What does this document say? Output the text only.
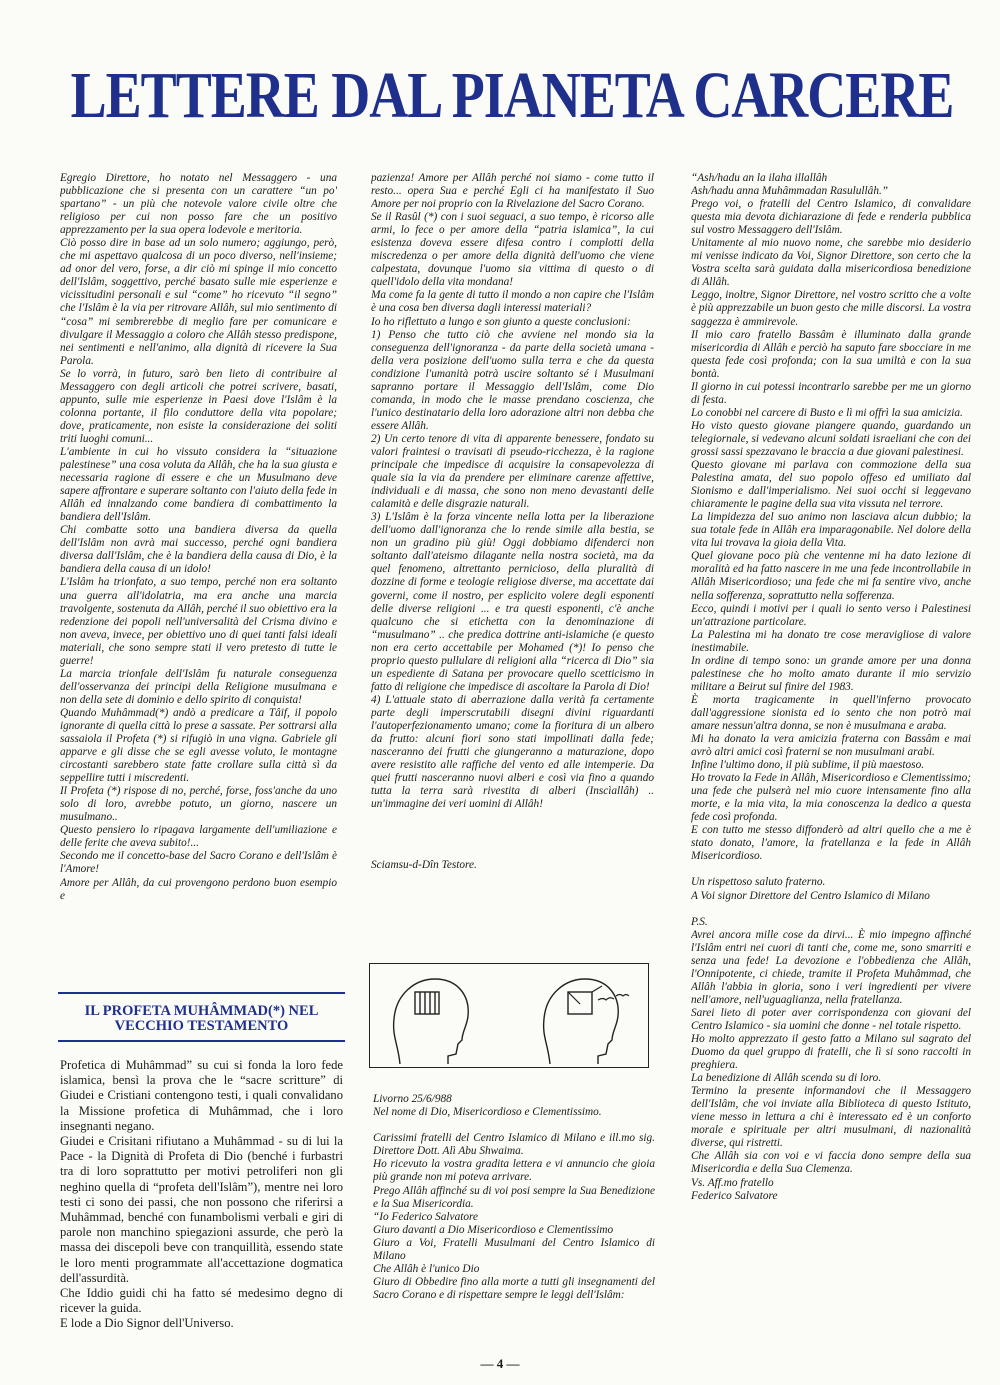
LETTERE DAL PIANETA CARCERE

Egregio Direttore, ho notato nel Messaggero - una pubblicazione che si presenta con un carattere “un po' spartano” - un più che notevole valore civile oltre che religioso per cui non posso fare che un positivo apprezzamento per la sua opera lodevole e meritoria.

Ciò posso dire in base ad un solo numero; aggiungo, però, che mi aspettavo qualcosa di un poco diverso, nell'insieme; ad onor del vero, forse, a dir ciò mi spinge il mio concetto dell'Islâm, soggettivo, perché basato sulle mie esperienze e vicissitudini personali e sul “come” ho ricevuto “il segno” che l'Islâm è la via per ritrovare Allâh, sul mio sentimento di “cosa” mi sembrerebbe di meglio fare per comunicare e divulgare il Messaggio a coloro che Allâh stesso predispone, nei sentimenti e nell'animo, alla dignità di ricevere la Sua Parola.

Se lo vorrà, in futuro, sarò ben lieto di contribuire al Messaggero con degli articoli che potrei scrivere, basati, appunto, sulle mie esperienze in Paesi dove l'Islâm è la colonna portante, il filo conduttore della vita popolare; dove, praticamente, non esiste la considerazione dei soliti triti luoghi comuni...

L'ambiente in cui ho vissuto considera la “situazione palestinese” una cosa voluta da Allâh, che ha la sua giusta e necessaria ragione di essere e che un Musulmano deve sapere affrontare e superare soltanto con l'aiuto della fede in Allâh ed innalzando come bandiera di combattimento la bandiera dell'Islâm.

Chi combatte sotto una bandiera diversa da quella dell'Islâm non avrà mai successo, perché ogni bandiera diversa dall'Islâm, che è la bandiera della causa di Dio, è la bandiera della causa di un idolo!

L'Islâm ha trionfato, a suo tempo, perché non era soltanto una guerra all'idolatria, ma era anche una marcia travolgente, sostenuta da Allâh, perché il suo obiettivo era la redenzione dei popoli nell'universalità del Crisma divino e non aveva, invece, per obiettivo uno di quei tanti falsi ideali materiali, che sono sempre stati il vero pretesto di tutte le guerre!

La marcia trionfale dell'Islâm fu naturale conseguenza dell'osservanza dei principi della Religione musulmana e non della sete di dominio e dello spirito di conquista!

Quando Muhâmmad(*) andò a predicare a Tâif, il popolo ignorante di quella città lo prese a sassate. Per sottrarsi alla sassaiola il Profeta (*) si rifugiò in una vigna. Gabriele gli apparve e gli disse che se egli avesse voluto, le montagne circostanti sarebbero state fatte crollare sulla città sì da seppellire tutti i miscredenti.

Il Profeta (*) rispose di no, perché, forse, foss'anche da uno solo di loro, avrebbe potuto, un giorno, nascere un musulmano..

Questo pensiero lo ripagava largamente dell'umiliazione e delle ferite che aveva subito!...

Secondo me il concetto-base del Sacro Corano e dell'Islâm è l'Amore!

Amore per Allâh, da cui provengono perdono buon esempio e

pazienza! Amore per Allâh perché noi siamo - come tutto il resto... opera Sua e perché Egli ci ha manifestato il Suo Amore per noi proprio con la Rivelazione del Sacro Corano.

Se il Rasûl (*) con i suoi seguaci, a suo tempo, è ricorso alle armi, lo fece o per amore della “patria islamica”, la cui esistenza doveva essere difesa contro i complotti della miscredenza o per amore della dignità dell'uomo che viene calpestata, dovunque l'uomo sia vittima di questo o di quell'idolo della vita mondana!

Ma come fa la gente di tutto il mondo a non capire che l'Islâm è una cosa ben diversa dagli interessi materiali?

Io ho riflettuto a lungo e son giunto a queste conclusioni:

1) Penso che tutto ciò che avviene nel mondo sia la conseguenza dell'ignoranza - da parte della società umana - della vera posizione dell'uomo sulla terra e che da questa condizione l'umanità potrà uscire soltanto sé i Musulmani sapranno portare il Messaggio dell'Islâm, come Dio comanda, in modo che le masse prendano coscienza, che l'unico destinatario della loro adorazione altri non debba che essere Allâh.

2) Un certo tenore di vita di apparente benessere, fondato su valori fraintesi o travisati di pseudo-ricchezza, è la ragione principale che impedisce di acquisire la consapevolezza di quale sia la via da prendere per eliminare carenze affettive, individuali e di massa, che sono non meno devastanti delle calamità e delle disgrazie naturali.

3) L'Islâm è la forza vincente nella lotta per la liberazione dell'uomo dall'ignoranza che lo rende simile alla bestia, se non un gradino più giù! Oggi dobbiamo difenderci non soltanto dall'ateismo dilagante nella nostra società, ma da quel fenomeno, altrettanto pernicioso, della pluralità di dozzine di forme e teologie religiose diverse, ma accettate dai governi, come il nostro, per esplicito volere degli esponenti delle diverse religioni ... e tra questi esponenti, c'è anche qualcuno che si etichetta con la denominazione di “musulmano” .. che predica dottrine anti-islamiche (e questo non era certo accettabile per Mohamed (*)! Io penso che proprio questo pullulare di religioni alla “ricerca di Dio” sia un espediente di Satana per provocare quello scetticismo in fatto di religione che impedisce di ascoltare la Parola di Dio!

4) L'attuale stato di aberrazione dalla verità fa certamente parte degli imperscrutabili disegni divini riguardanti l'autoperfezionamento umano; come la fioritura di un albero da frutto: alcuni fiori sono stati impollinati dalla fede; nasceranno dei frutti che giungeranno a maturazione, dopo avere resistito alle raffiche del vento ed alle intemperie. Da quei frutti nasceranno nuovi alberi e così via fino a quando tutta la terra sarà rivestita di alberi (Inscìallâh) .. un'immagine dei veri uomini di Allâh!

Sciamsu-d-Dîn Testore.

“Ash/hadu an la ilaha illallâh

Ash/hadu anna Muhâmmadan Rasulullâh.”

Prego voi, o fratelli del Centro Islamico, di convalidare questa mia devota dichiarazione di fede e renderla pubblica sul vostro Messaggero dell'Islâm.

Unitamente al mio nuovo nome, che sarebbe mio desiderio mi venisse indicato da Voi, Signor Direttore, son certo che la Vostra scelta sarà guidata dalla misericordiosa benedizione di Allâh.

Leggo, inoltre, Signor Direttore, nel vostro scritto che a volte è più apprezzabile un buon gesto che mille discorsi. La vostra saggezza è ammirevole.

Il mio caro fratello Bassâm è illuminato dalla grande misericordia di Allâh e perciò ha saputo fare sbocciare in me questa fede così profonda; con la sua umiltà e con la sua bontà.

Il giorno in cui potessi incontrarlo sarebbe per me un giorno di festa.

Lo conobbi nel carcere di Busto e lì mi offrì la sua amicizia.

Ho visto questo giovane piangere quando, guardando un telegiornale, si vedevano alcuni soldati israeliani che con dei grossi sassi spezzavano le braccia a due giovani palestinesi.

Questo giovane mi parlava con commozione della sua Palestina amata, del suo popolo offeso ed umiliato dal Sionismo e dall'imperialismo. Nei suoi occhi si leggevano chiaramente le pagine della sua vita vissuta nel terrore.

La limpidezza del suo animo non lasciava alcun dubbio; la sua totale fede in Allâh era imparagonabile. Nel dolore della vita lui trovava la gioia della Vita.

Quel giovane poco più che ventenne mi ha dato lezione di moralità ed ha fatto nascere in me una fede incontrollabile in Allâh Misericordioso; una fede che mi fa sentire vivo, anche nella sofferenza, soprattutto nella sofferenza.

Ecco, quindi i motivi per i quali io sento verso i Palestinesi un'attrazione particolare.

La Palestina mi ha donato tre cose meravigliose di valore inestimabile.

In ordine di tempo sono: un grande amore per una donna palestinese che ho molto amato durante il mio servizio militare a Beirut sul finire del 1983.

È morta tragicamente in quell'inferno provocato dall'aggressione sionista ed io sento che non potrò mai amare nessun'altra donna, se non è musulmana e araba.

Mi ha donato la vera amicizia fraterna con Bassâm e mai avrò altri amici così fraterni se non musulmani arabi.

Infine l'ultimo dono, il più sublime, il più maestoso.

Ho trovato la Fede in Allâh, Misericordioso e Clementissimo; una fede che pulserà nel mio cuore intensamente fino alla morte, e la mia vita, la mia conoscenza la dedico a questa fede così profonda.

E con tutto me stesso diffonderò ad altri quello che a me è stato donato, l'amore, la fratellanza e la fede in Allâh Misericordioso.

Un rispettoso saluto fraterno.

A Voi signor Direttore del Centro Islamico di Milano

P.S.

Avrei ancora mille cose da dirvi... È mio impegno affinché l'Islâm entri nei cuori di tanti che, come me, sono smarriti e senza una fede! La devozione e l'obbedienza che Allâh, l'Onnipotente, ci chiede, tramite il Profeta Muhâmmad, che Allâh l'abbia in gloria, sono i veri ingredienti per vivere nell'amore, nell'uguaglianza, nella fratellanza.

Sarei lieto di poter aver corrispondenza con giovani del Centro Islamico - sia uomini che donne - nel totale rispetto.

Ho molto apprezzato il gesto fatto a Milano sul sagrato del Duomo da quel gruppo di fratelli, che lì si sono raccolti in preghiera.

La benedizione di Allâh scenda su di loro.

Termino la presente informandovi che il Messaggero dell'Islâm, che voi inviate alla Biblioteca di questo Istituto, viene messo in lettura a chi è interessato ed è un conforto morale e spirituale per altri musulmani, di nazionalità diverse, qui ristretti.

Che Allâh sia con voi e vi faccia dono sempre della sua Misericordia e della Sua Clemenza.

Vs. Aff.mo fratello

Federico Salvatore

Livorno 25/6/988

Nel nome di Dio, Misericordioso e Clementissimo.

Carissimi fratelli del Centro Islamico di Milano e ill.mo sig. Direttore Dott. Alì Abu Shwaima.

Ho ricevuto la vostra gradita lettera e vi annuncio che gioia più grande non mi poteva arrivare.

Prego Allâh affinché su di voi posi sempre la Sua Benedizione e la Sua Misericordia.

“Io Federico Salvatore

Giuro davanti a Dio Misericordioso e Clementissimo

Giuro a Voi, Fratelli Musulmani del Centro Islamico di Milano

Che Allâh è l'unico Dio

Giuro di Obbedire fino alla morte a tutti gli insegnamenti del Sacro Corano e di rispettare sempre le leggi dell'Islâm:

IL PROFETA MUHÂMMAD(*) NEL
VECCHIO TESTAMENTO

Profetica di Muhâmmad” su cui si fonda la loro fede islamica, bensì la prova che le “sacre scritture” di Giudei e Cristiani contengono testi, i quali convalidano la Missione profetica di Muhâmmad, che i loro insegnanti negano.

Giudei e Crisitani rifiutano a Muhâmmad - su di lui la Pace - la Dignità di Profeta di Dio (benché i furbastri tra di loro soprattutto per motivi petroliferi non gli neghino quella di “profeta dell'Islâm”), mentre nei loro testi ci sono dei passi, che non possono che riferirsi a Muhâmmad, benché con funambolismi verbali e giri di parole non manchino spiegazioni assurde, che però la massa dei discepoli beve con tranquillità, essendo state le loro menti programmate all'accettazione dogmatica dell'assurdità.

Che Iddio guidi chi ha fatto sé medesimo degno di ricever la guida.

E lode a Dio Signor dell'Universo.

— 4 —
